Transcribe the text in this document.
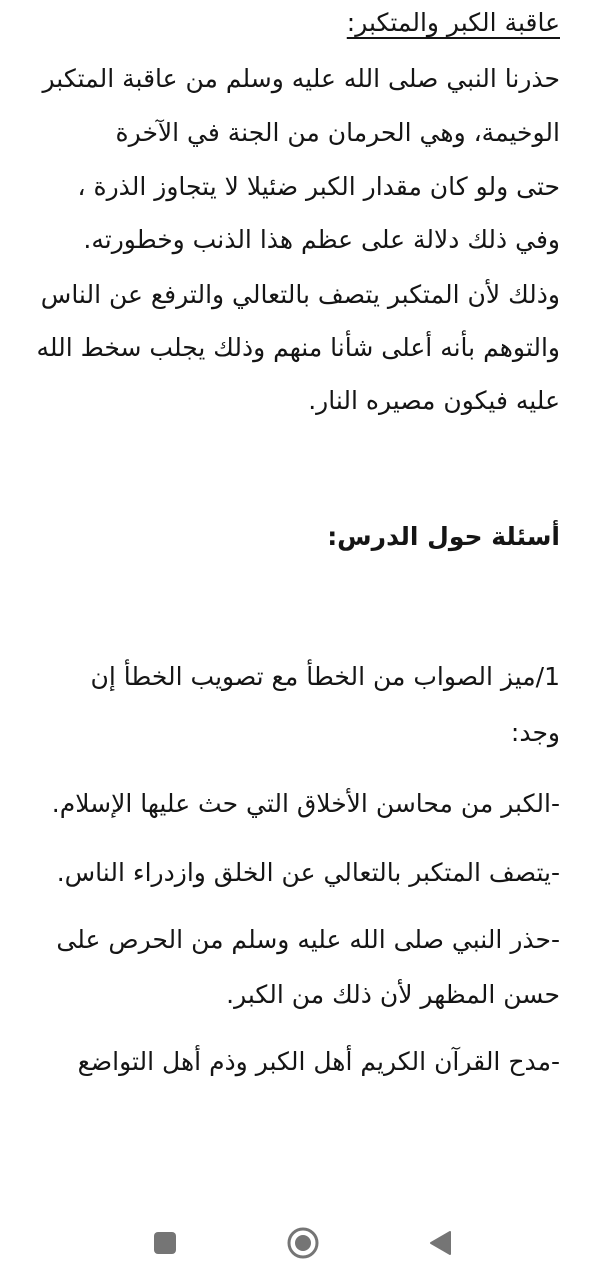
عاقبة الكبر والمتكبر:
حذرنا النبي صلى الله عليه وسلم من عاقبة المتكبر
الوخيمة، وهي الحرمان من الجنة في الآخرة
حتى ولو كان مقدار الكبر ضئيلا لا يتجاوز الذرة ،
وفي ذلك دلالة على عظم هذا الذنب وخطورته.
وذلك لأن المتكبر يتصف بالتعالي والترفع عن الناس
والتوهم بأنه أعلى شأنا منهم وذلك يجلب سخط الله
عليه فيكون مصيره النار.
أسئلة حول الدرس:
1/ميز الصواب من الخطأ مع تصويب الخطأ إن
وجد:
-الكبر من محاسن الأخلاق التي حث عليها الإسلام.
-يتصف المتكبر بالتعالي عن الخلق وازدراء الناس.
-حذر النبي صلى الله عليه وسلم من الحرص على
حسن المظهر لأن ذلك من الكبر.
-مدح القرآن الكريم أهل الكبر وذم أهل التواضع
